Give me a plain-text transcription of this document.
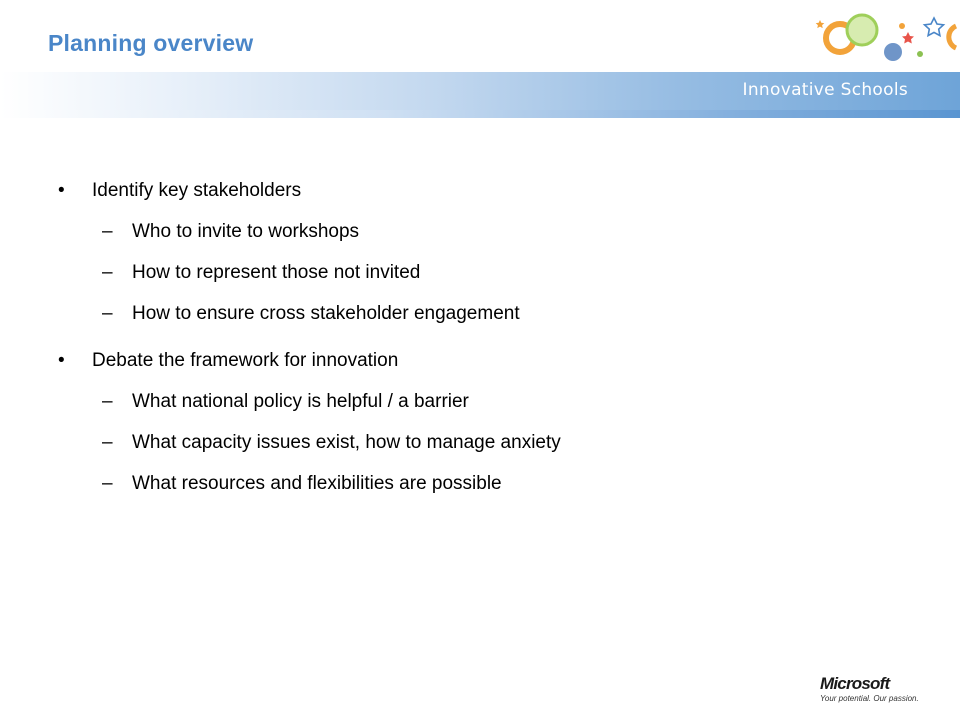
Planning overview
Innovative Schools
• Identify key stakeholders
– Who to invite to workshops
– How to represent those not invited
– How to ensure cross stakeholder engagement
• Debate the framework for innovation
– What national policy is helpful / a barrier
– What capacity issues exist, how to manage anxiety
– What resources and flexibilities are possible
Microsoft
Your potential. Our passion.
